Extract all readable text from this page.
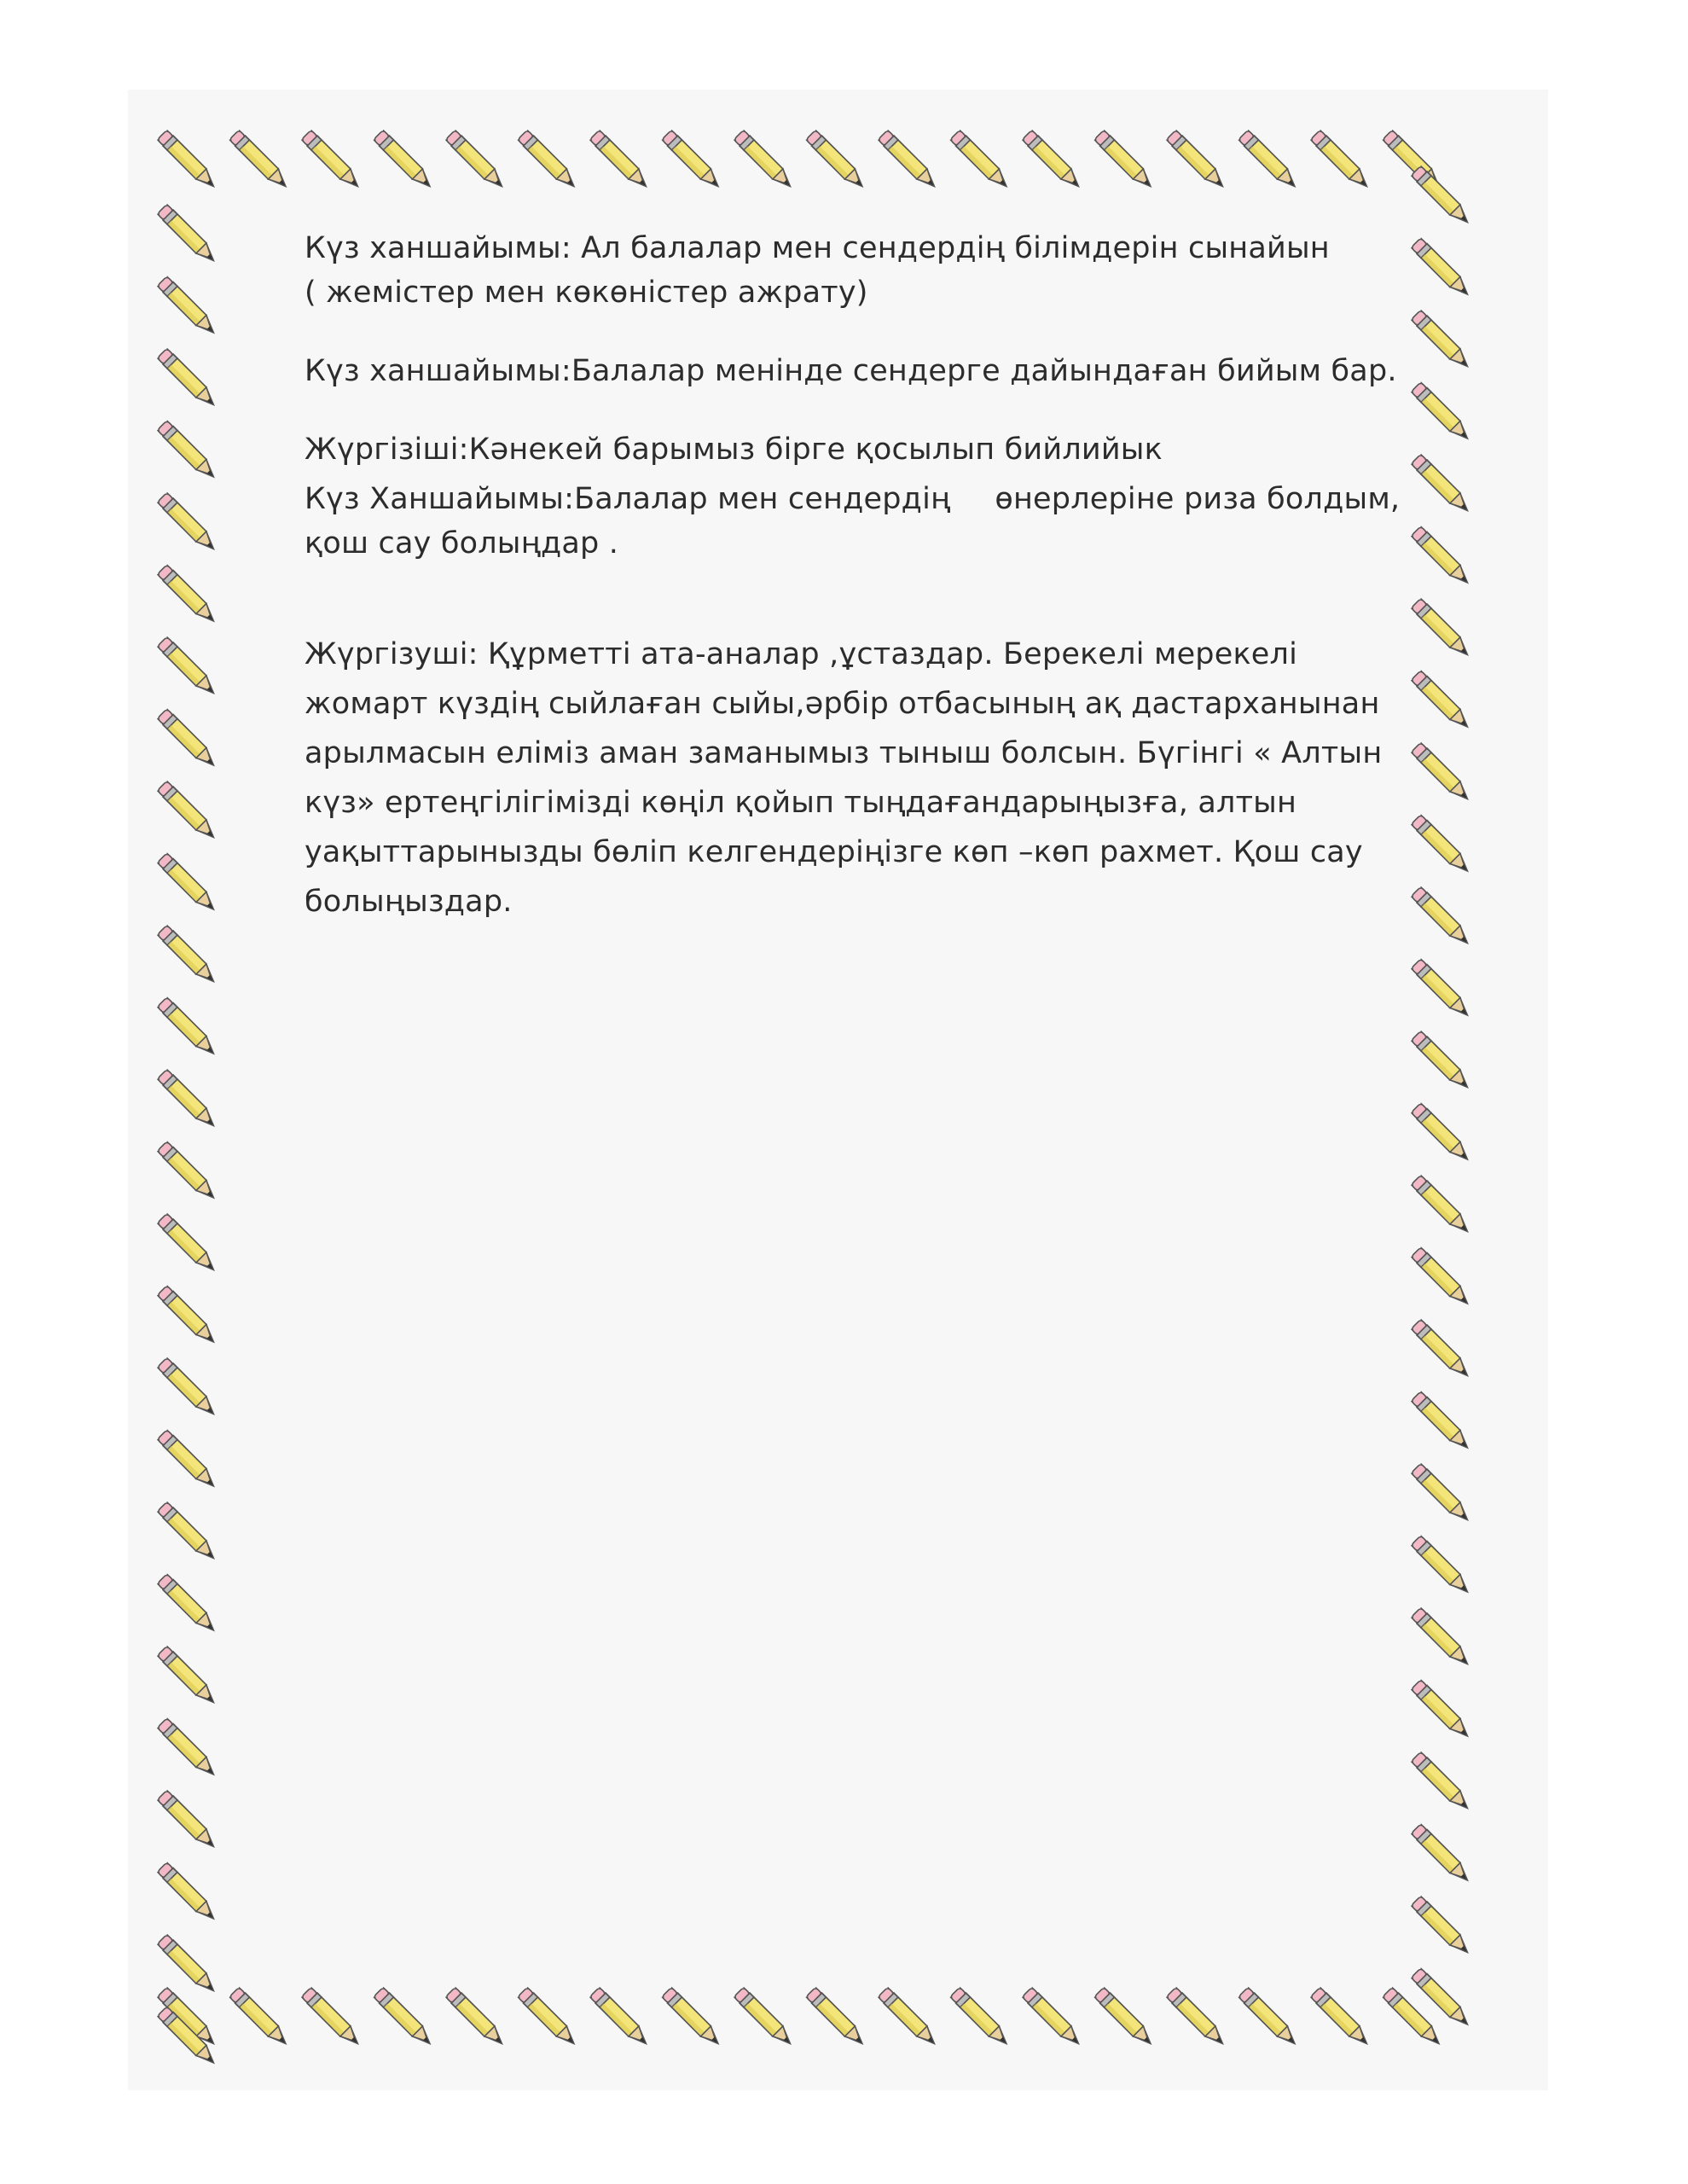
Күз ханшайымы: Ал балалар мен сендердің білімдерін сынайын

( жемістер мен көкөністер ажрату)

Күз ханшайымы:Балалар менiнде сендерге дайындаған бийым бар.

Жүргізіші:Кәнекей барымыз бірге қосылып бийлийык

Күз Ханшайымы:Балалар мен сендердің өнерлеріне риза болдым,

қош сау болыңдар .

Жүргізуші: Құрметті ата-аналар ,ұстаздар. Берекелі мерекелі

жомарт күздің сыйлаған сыйы,әрбір отбасының ақ дастарханынан

арылмасын еліміз аман заманымыз тыныш болсын. Бүгінгі « Алтын

күз» ертеңгілігімізді көңіл қойып тыңдағандарыңызға, алтын

уақыттарынызды бөліп келгендеріңізге көп –көп рахмет. Қош сау

болыңыздар.
